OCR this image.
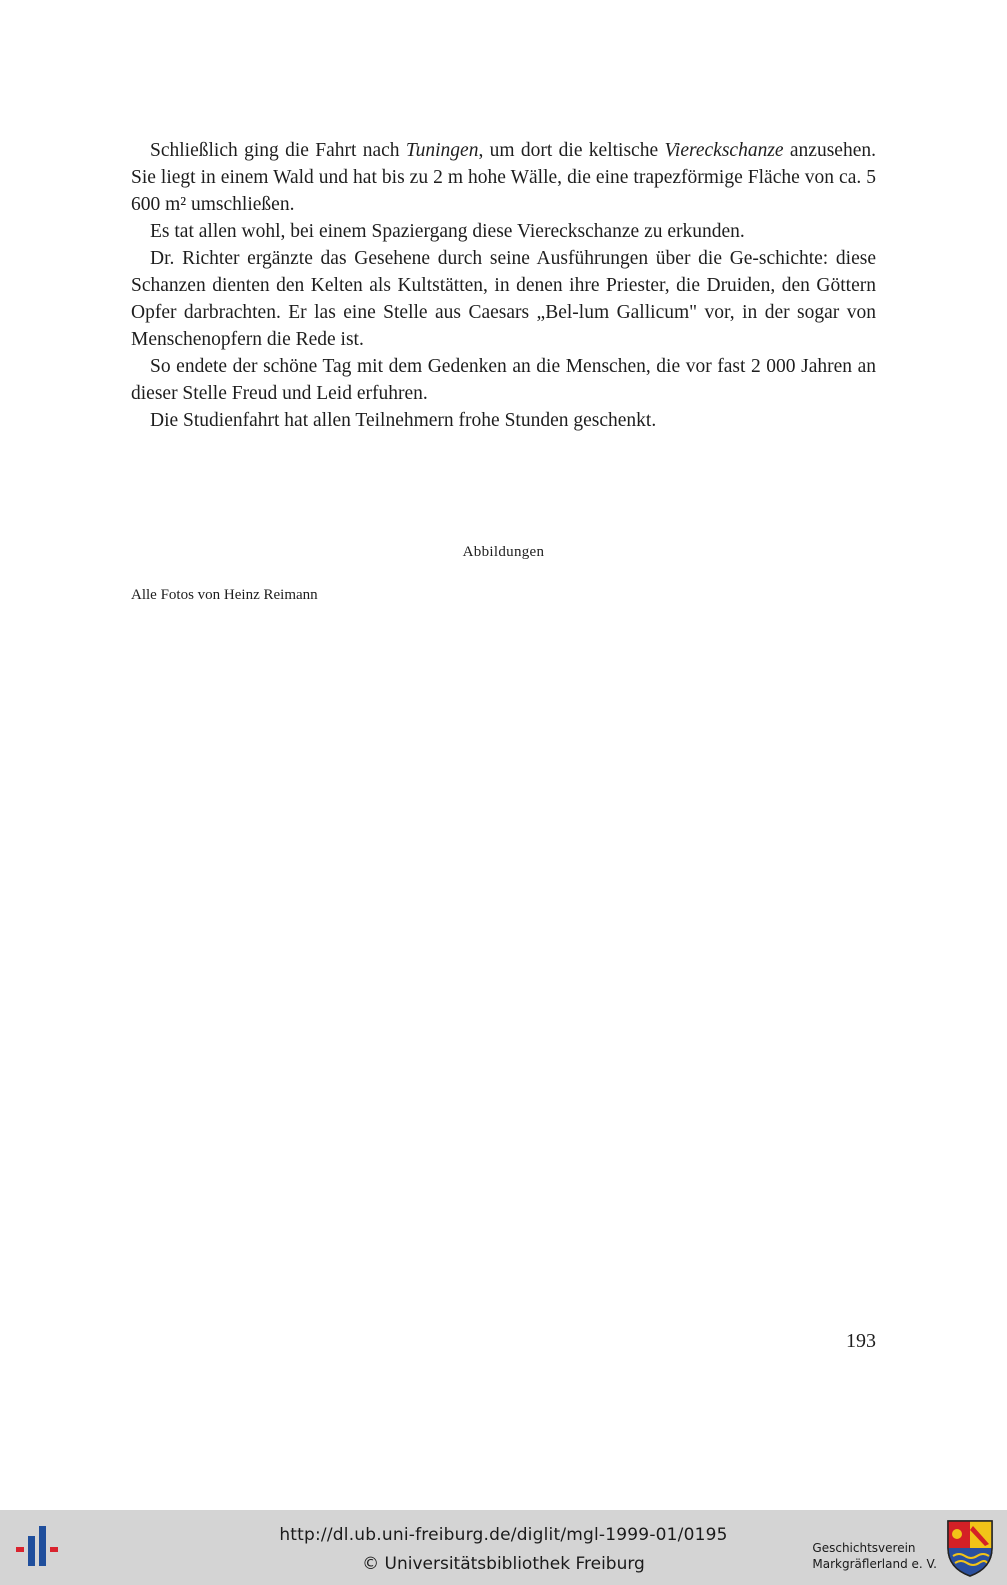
Schließlich ging die Fahrt nach Tuningen, um dort die keltische Viereckschanze anzusehen. Sie liegt in einem Wald und hat bis zu 2 m hohe Wälle, die eine trapezförmige Fläche von ca. 5 600 m² umschließen.

Es tat allen wohl, bei einem Spaziergang diese Viereckschanze zu erkunden.

Dr. Richter ergänzte das Gesehene durch seine Ausführungen über die Ge-schichte: diese Schanzen dienten den Kelten als Kultstätten, in denen ihre Priester, die Druiden, den Göttern Opfer darbrachten. Er las eine Stelle aus Caesars „Bel-lum Gallicum" vor, in der sogar von Menschenopfern die Rede ist.

So endete der schöne Tag mit dem Gedenken an die Menschen, die vor fast 2 000 Jahren an dieser Stelle Freud und Leid erfuhren.

Die Studienfahrt hat allen Teilnehmern frohe Stunden geschenkt.

Abbildungen
Alle Fotos von Heinz Reimann
193
http://dl.ub.uni-freiburg.de/diglit/mgl-1999-01/0195
© Universitätsbibliothek Freiburg
Geschichtsverein
Markgräflerland e. V.
